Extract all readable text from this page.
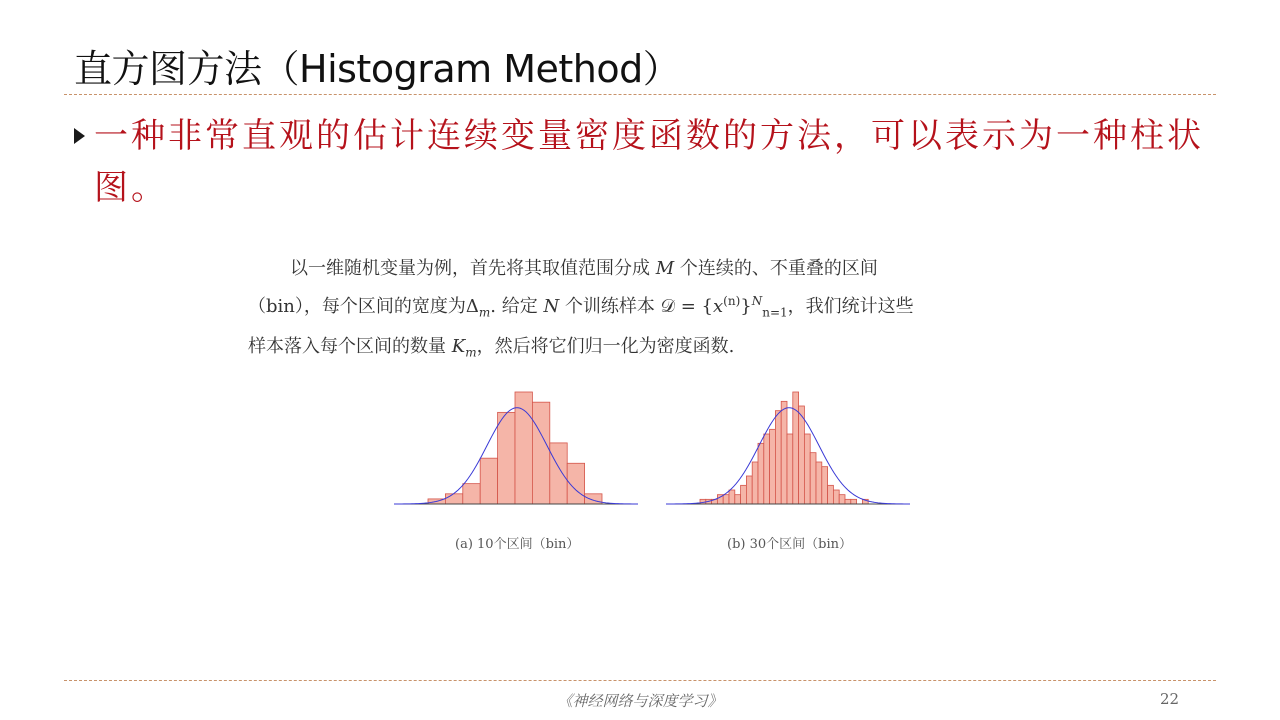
直方图方法（Histogram Method）
一种非常直观的估计连续变量密度函数的方法，可以表示为一种柱状图。

以一维随机变量为例，首先将其取值范围分成 M 个连续的、不重叠的区间

（bin），每个区间的宽度为$\Delta_m$. 给定 N 个训练样本 𝒟 = $\{x^{(n)}\}^N_{n=1}$，我们统计这些

样本落入每个区间的数量 $K_m$，然后将它们归一化为密度函数.

(a) 10个区间（bin）	(b) 30个区间（bin）
《神经网络与深度学习》	22
